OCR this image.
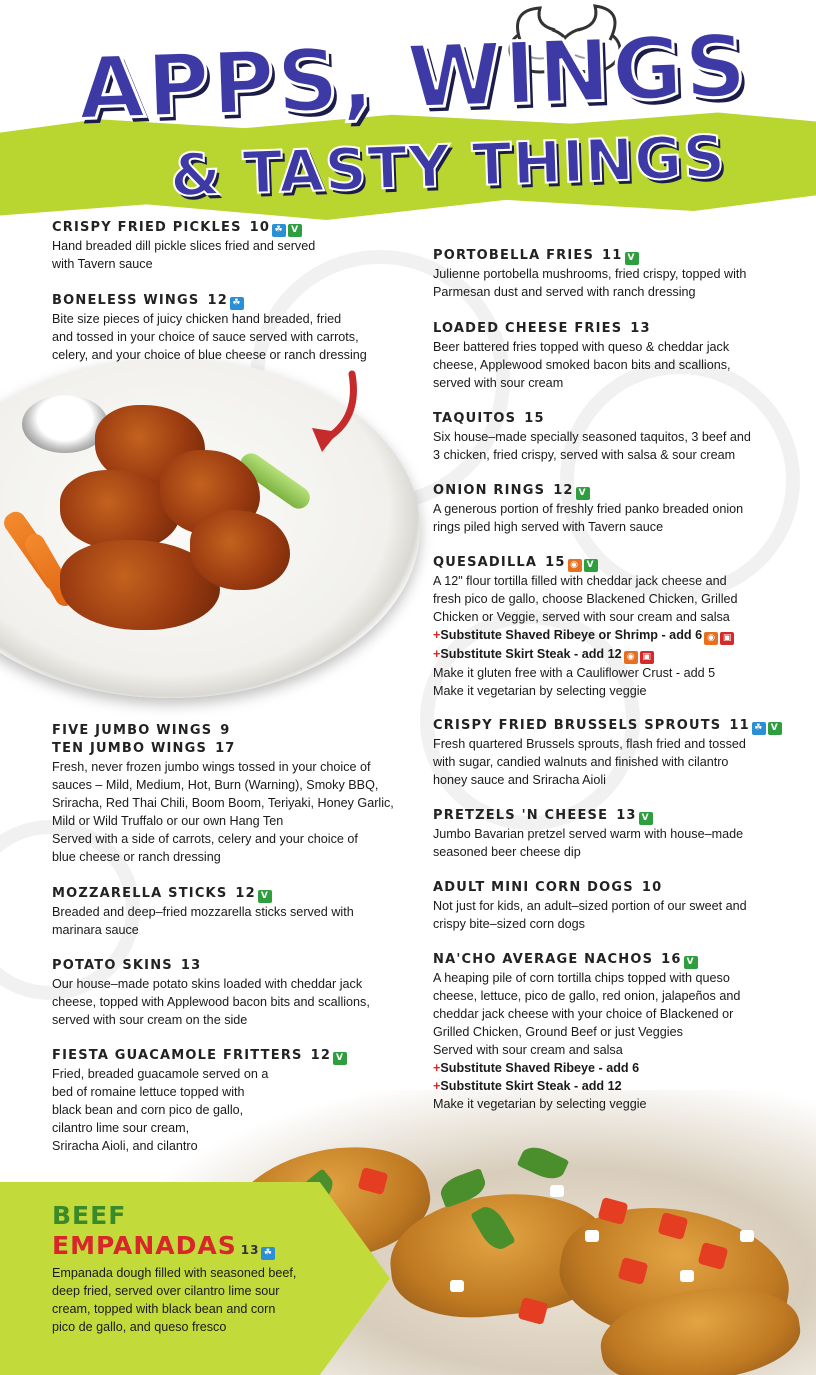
APPS, WINGS
& TASTY THINGS
BEEF
EMPANADAS 13 ☘
Empanada dough filled with seasoned beef,
deep fried, served over cilantro lime sour
cream, topped with black bean and corn
pico de gallo, and queso fresco
CRISPY FRIED PICKLES 10 ☘ V
Hand breaded dill pickle slices fried and served
with Tavern sauce
BONELESS WINGS 12 ☘
Bite size pieces of juicy chicken hand breaded, fried
and tossed in your choice of sauce served with carrots,
celery, and your choice of blue cheese or ranch dressing
FIVE JUMBO WINGS 9
TEN JUMBO WINGS 17
Fresh, never frozen jumbo wings tossed in your choice of
sauces – Mild, Medium, Hot, Burn (Warning), Smoky BBQ,
Sriracha, Red Thai Chili, Boom Boom, Teriyaki, Honey Garlic,
Mild or Wild Truffalo or our own Hang Ten
Served with a side of carrots, celery and your choice of
blue cheese or ranch dressing
MOZZARELLA STICKS 12 V
Breaded and deep–fried mozzarella sticks served with
marinara sauce
POTATO SKINS 13
Our house–made potato skins loaded with cheddar jack
cheese, topped with Applewood bacon bits and scallions,
served with sour cream on the side
FIESTA GUACAMOLE FRITTERS 12 V
Fried, breaded guacamole served on a
bed of romaine lettuce topped with
black bean and corn pico de gallo,
cilantro lime sour cream,
Sriracha Aioli, and cilantro
PORTOBELLA FRIES 11 V
Julienne portobella mushrooms, fried crispy, topped with
Parmesan dust and served with ranch dressing
LOADED CHEESE FRIES 13
Beer battered fries topped with queso & cheddar jack
cheese, Applewood smoked bacon bits and scallions,
served with sour cream
TAQUITOS 15
Six house–made specially seasoned taquitos, 3 beef and
3 chicken, fried crispy, served with salsa & sour cream
ONION RINGS 12 V
A generous portion of freshly fried panko breaded onion
rings piled high served with Tavern sauce
QUESADILLA 15 ◉ V
A 12" flour tortilla filled with cheddar jack cheese and
fresh pico de gallo, choose Blackened Chicken, Grilled
Chicken or Veggie, served with sour cream and salsa
+Substitute Shaved Ribeye or Shrimp - add 6 ◉ ▣
+Substitute Skirt Steak - add 12 ◉ ▣
Make it gluten free with a Cauliflower Crust - add 5
Make it vegetarian by selecting veggie
CRISPY FRIED BRUSSELS SPROUTS 11 ☘ V
Fresh quartered Brussels sprouts, flash fried and tossed
with sugar, candied walnuts and finished with cilantro
honey sauce and Sriracha Aioli
PRETZELS 'N CHEESE 13 V
Jumbo Bavarian pretzel served warm with house–made
seasoned beer cheese dip
ADULT MINI CORN DOGS 10
Not just for kids, an adult–sized portion of our sweet and
crispy bite–sized corn dogs
NA'CHO AVERAGE NACHOS 16 V
A heaping pile of corn tortilla chips topped with queso
cheese, lettuce, pico de gallo, red onion, jalapeños and
cheddar jack cheese with your choice of Blackened or
Grilled Chicken, Ground Beef or just Veggies
Served with sour cream and salsa
+Substitute Shaved Ribeye - add 6
+Substitute Skirt Steak - add 12
Make it vegetarian by selecting veggie
